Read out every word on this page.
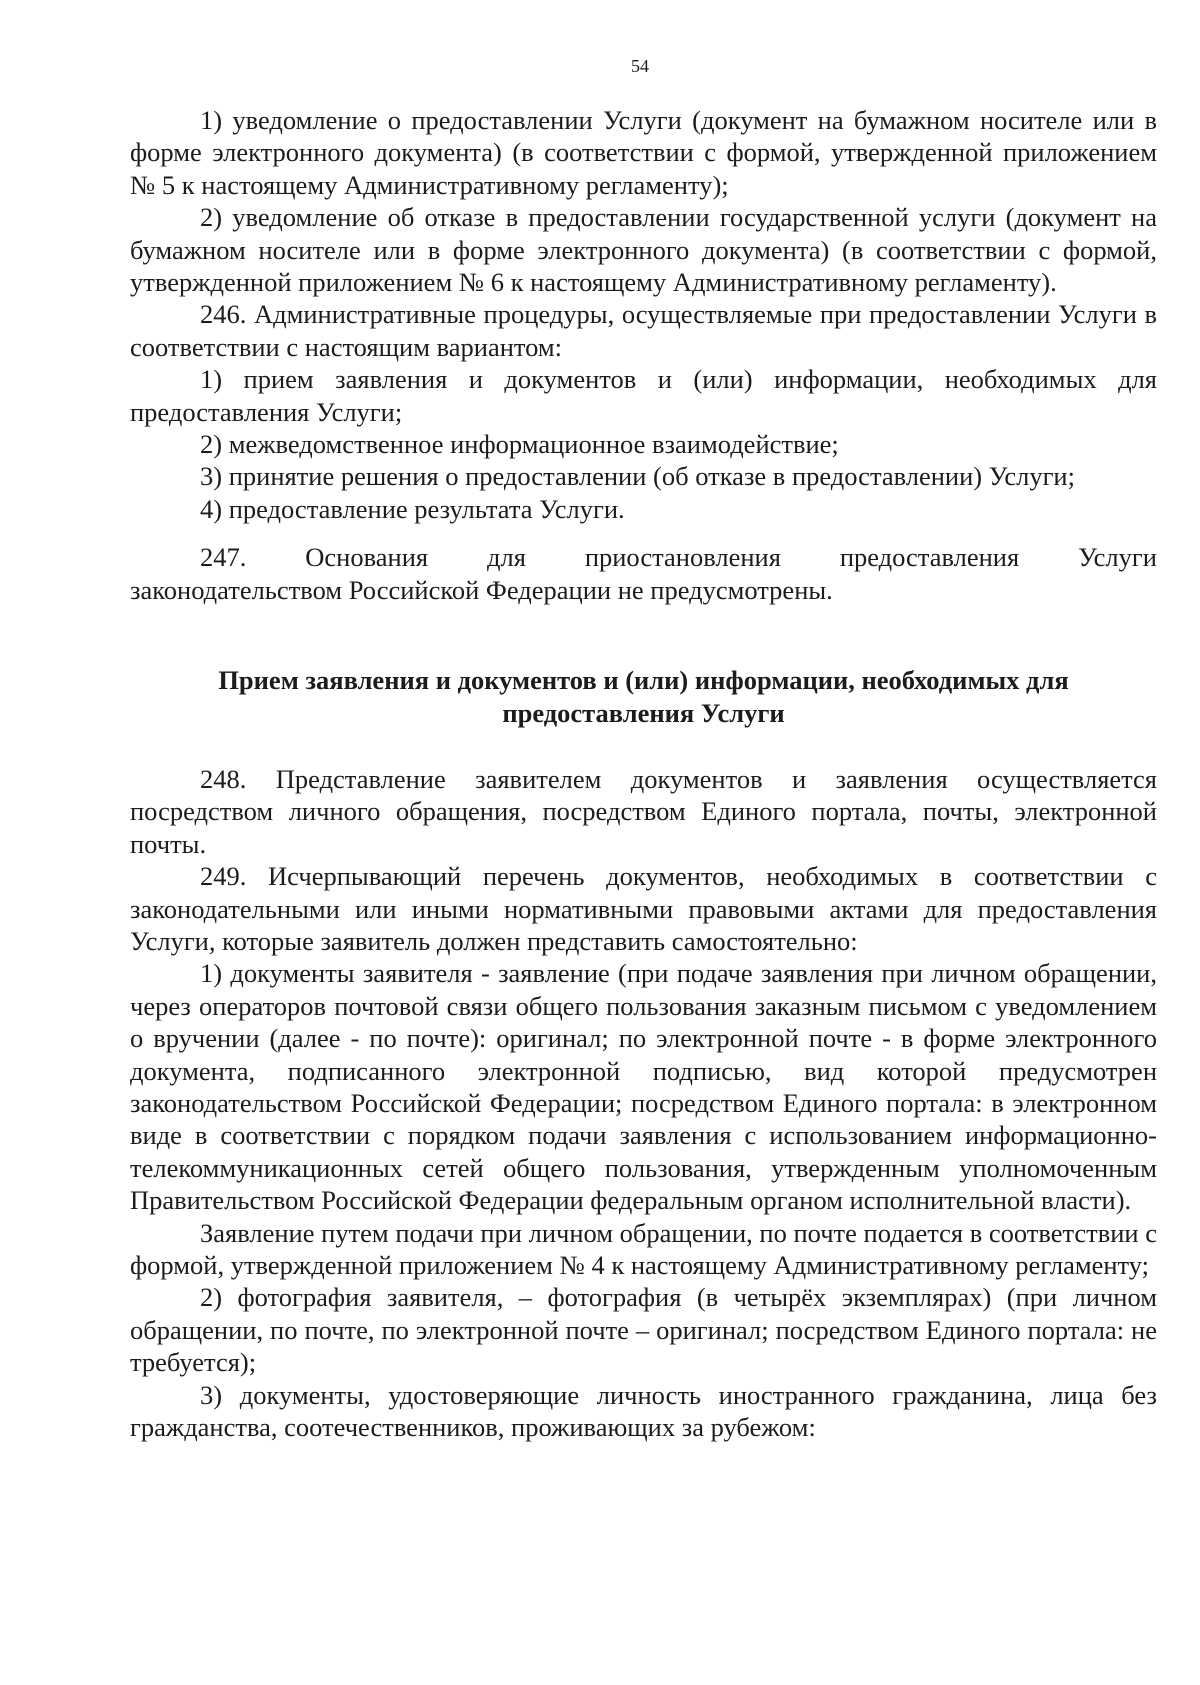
54

1) уведомление о предоставлении Услуги (документ на бумажном носителе или в форме электронного документа) (в соответствии с формой, утвержденной приложением № 5 к настоящему Административному регламенту);

2) уведомление об отказе в предоставлении государственной услуги (документ на бумажном носителе или в форме электронного документа) (в соответствии с формой, утвержденной приложением № 6 к настоящему Административному регламенту).

246. Административные процедуры, осуществляемые при предоставлении Услуги в соответствии с настоящим вариантом:

1) прием заявления и документов и (или) информации, необходимых для предоставления Услуги;

2) межведомственное информационное взаимодействие;

3) принятие решения о предоставлении (об отказе в предоставлении) Услуги;

4) предоставление результата Услуги.

247. Основания для приостановления предоставления Услуги
законодательством Российской Федерации не предусмотрены.
Прием заявления и документов и (или) информации, необходимых для
предоставления Услуги

248. Представление заявителем документов и заявления осуществляется посредством личного обращения, посредством Единого портала, почты, электронной почты.

249. Исчерпывающий перечень документов, необходимых в соответствии с законодательными или иными нормативными правовыми актами для предоставления Услуги, которые заявитель должен представить самостоятельно:

1) документы заявителя - заявление (при подаче заявления при личном обращении, через операторов почтовой связи общего пользования заказным письмом с уведомлением о вручении (далее - по почте): оригинал; по электронной почте - в форме электронного документа, подписанного электронной подписью, вид которой предусмотрен законодательством Российской Федерации; посредством Единого портала: в электронном виде в соответствии с порядком подачи заявления с использованием информационно-телекоммуникационных сетей общего пользования, утвержденным уполномоченным Правительством Российской Федерации федеральным органом исполнительной власти).

Заявление путем подачи при личном обращении, по почте подается в соответствии с формой, утвержденной приложением № 4 к настоящему Административному регламенту;

2) фотография заявителя, – фотография (в четырёх экземплярах) (при личном обращении, по почте, по электронной почте – оригинал; посредством Единого портала: не требуется);

3) документы, удостоверяющие личность иностранного гражданина, лица без гражданства, соотечественников, проживающих за рубежом:
